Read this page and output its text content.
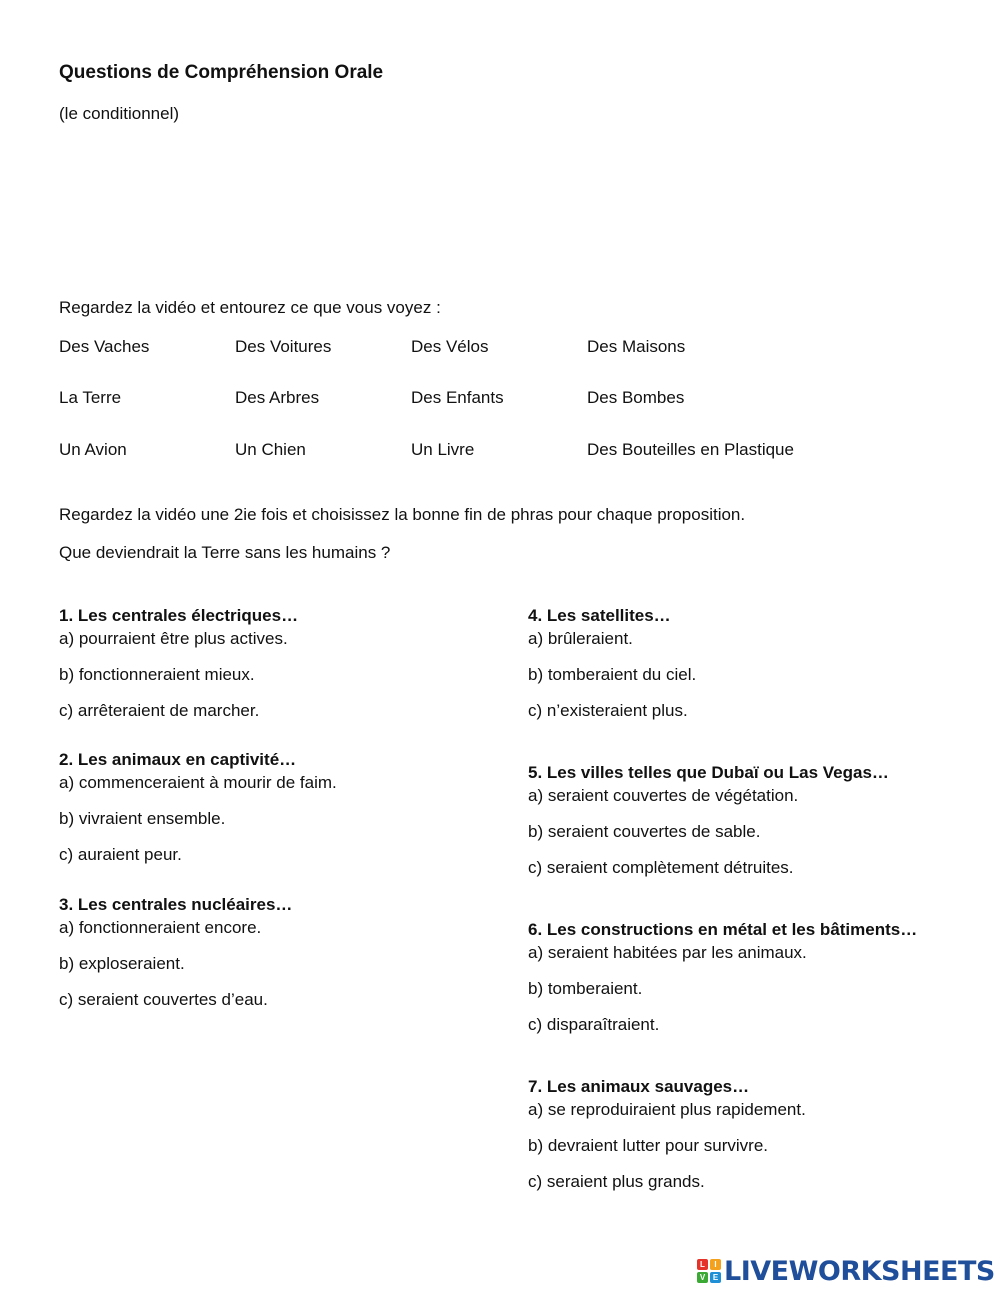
Questions de Compréhension Orale
(le conditionnel)
Regardez la vidéo et entourez ce que vous voyez :
Des Vaches	Des Voitures	Des Vélos	Des Maisons
La Terre	Des Arbres	Des Enfants	Des Bombes
Un Avion	Un Chien	Un Livre	Des Bouteilles en Plastique
Regardez la vidéo une 2ie fois et choisissez la bonne fin de phras pour chaque proposition.
Que deviendrait la Terre sans les humains ?
1. Les centrales électriques…
a) pourraient être plus actives.
b) fonctionneraient mieux.
c) arrêteraient de marcher.
2. Les animaux en captivité…
a) commenceraient à mourir de faim.
b) vivraient ensemble.
c) auraient peur.
3. Les centrales nucléaires…
a) fonctionneraient encore.
b) exploseraient.
c) seraient couvertes d’eau.
4. Les satellites…
a) brûleraient.
b) tomberaient du ciel.
c) n’existeraient plus.
5. Les villes telles que Dubaï ou Las Vegas…
a) seraient couvertes de végétation.
b) seraient couvertes de sable.
c) seraient complètement détruites.
6. Les constructions en métal et les bâtiments…
a) seraient habitées par les animaux.
b) tomberaient.
c) disparaîtraient.
7. Les animaux sauvages…
a) se reproduiraient plus rapidement.
b) devraient lutter pour survivre.
c) seraient plus grands.
L	I
V E LIVEWORKSHEETS
